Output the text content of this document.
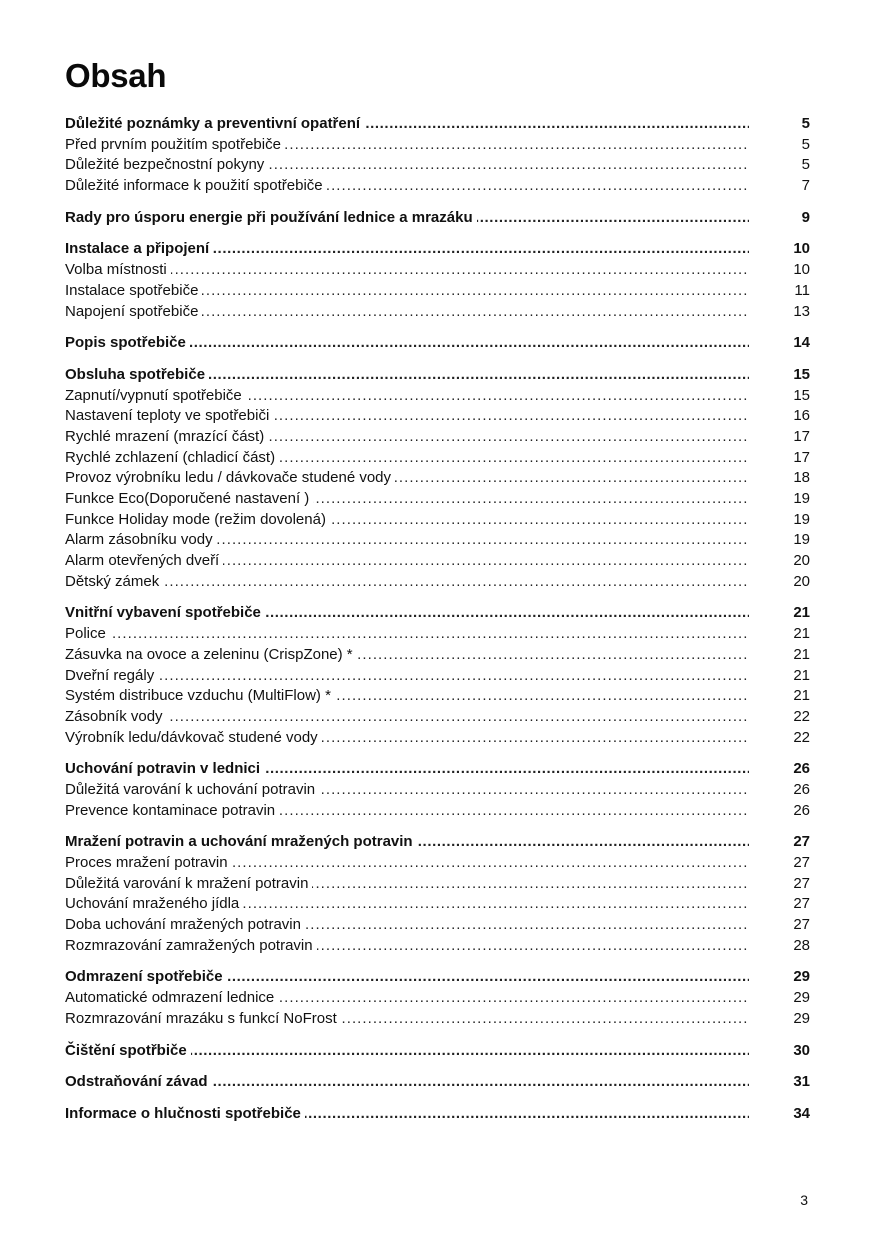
Obsah
Důležité poznámky a preventivní opatření .....	5
Před prvním použitím spotřebiče .....	5
Důležité bezpečnostní pokyny .....	5
Důležité informace k použití spotřebiče .....	7
Rady pro úsporu energie při používání lednice a mrazáku .....	9
Instalace a připojení .....	10
Volba místnosti .....	10
Instalace spotřebiče .....	11
Napojení spotřebiče .....	13
Popis spotřebiče .....	14
Obsluha spotřebiče .....	15
Zapnutí/vypnutí spotřebiče .....	15
Nastavení teploty ve spotřebiči .....	16
Rychlé mrazení (mrazící část) .....	17
Rychlé zchlazení (chladicí část) .....	17
Provoz výrobníku ledu / dávkovače studené vody .....	18
Funkce Eco(Doporučené nastavení ) .....	19
Funkce Holiday mode (režim dovolená) .....	19
Alarm zásobníku vody .....	19
Alarm otevřených dveří .....	20
Dětský zámek .....	20
Vnitřní vybavení spotřebiče .....	21
Police .....	21
Zásuvka na ovoce a zeleninu (CrispZone) * .....	21
Dveřní regály .....	21
Systém distribuce vzduchu (MultiFlow) * .....	21
Zásobník vody .....	22
Výrobník ledu/dávkovač studené vody .....	22
Uchování potravin v lednici .....	26
Důležitá varování k uchování potravin .....	26
Prevence kontaminace potravin .....	26
Mražení potravin a uchování mražených potravin .....	27
Proces mražení potravin .....	27
Důležitá varování k mražení potravin .....	27
Uchování mraženého jídla .....	27
Doba uchování mražených potravin .....	27
Rozmrazování zamražených potravin .....	28
Odmrazení spotřebiče .....	29
Automatické odmrazení lednice .....	29
Rozmrazování mrazáku s funkcí NoFrost .....	29
Čištění spotřbiče .....	30
Odstraňování závad .....	31
Informace o hlučnosti spotřebiče .....	34
3
